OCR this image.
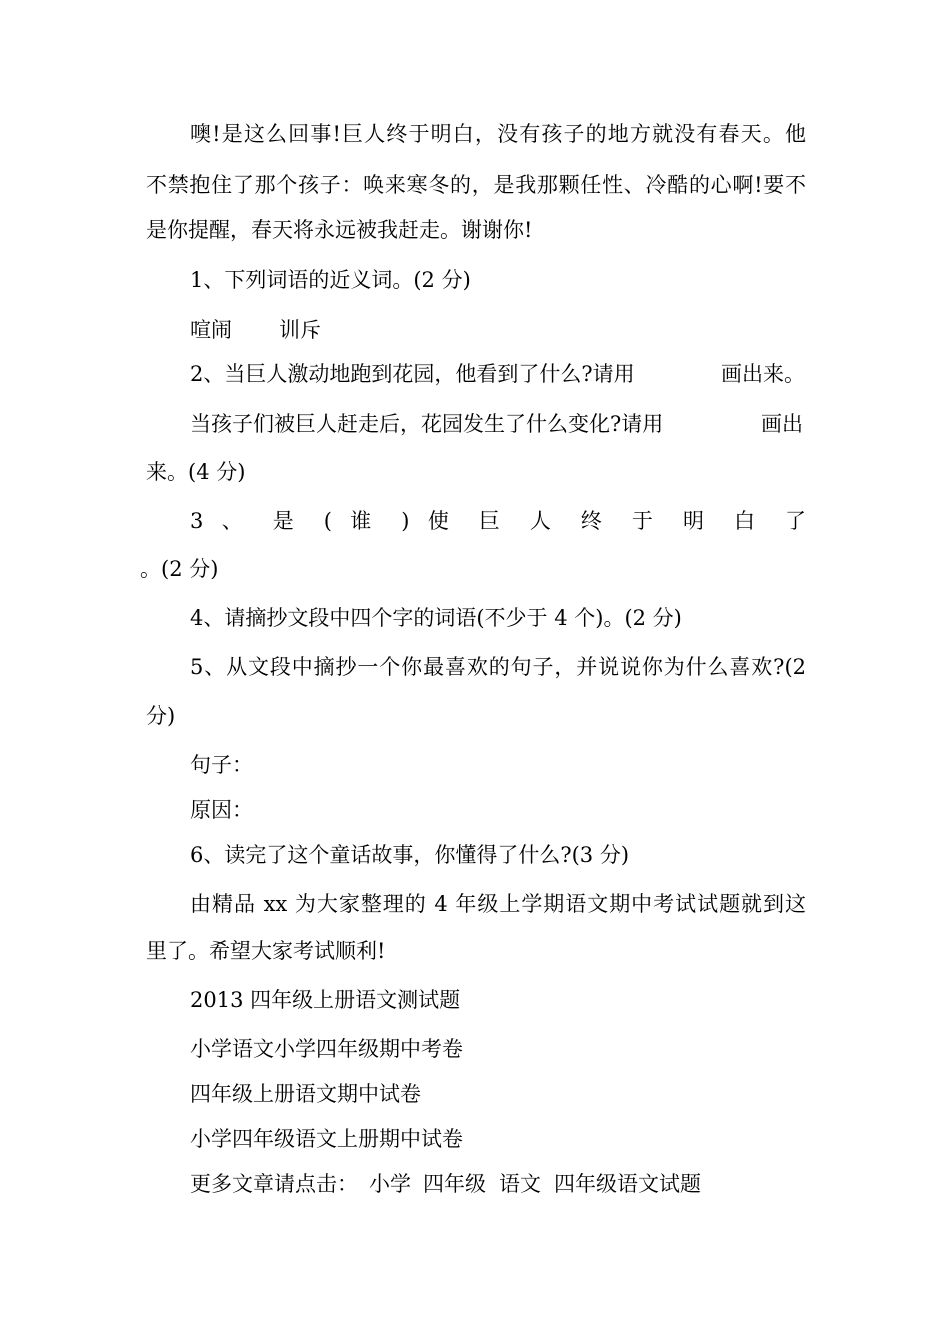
噢!是这么回事!巨人终于明白，没有孩子的地方就没有春天。他
不禁抱住了那个孩子：唤来寒冬的，是我那颗任性、冷酷的心啊!要不
是你提醒，春天将永远被我赶走。谢谢你!
1、下列词语的近义词。(2 分)
喧闹 训斥
2、当巨人激动地跑到花园，他看到了什么?请用	画出来。
当孩子们被巨人赶走后，花园发生了什么变化?请用	画出
来。(4 分)
3 、 是 ( 谁 ) 使 巨 人 终 于 明 白 了
。(2 分)
4、请摘抄文段中四个字的词语(不少于 4 个)。(2 分)
5、从文段中摘抄一个你最喜欢的句子，并说说你为什么喜欢?(2
分)
句子：
原因：
6、读完了这个童话故事，你懂得了什么?(3 分)
由精品 xx 为大家整理的 4 年级上学期语文期中考试试题就到这
里了。希望大家考试顺利!
2013 四年级上册语文测试题
小学语文小学四年级期中考卷
四年级上册语文期中试卷
小学四年级语文上册期中试卷
更多文章请点击： 小学 四年级 语文 四年级语文试题
